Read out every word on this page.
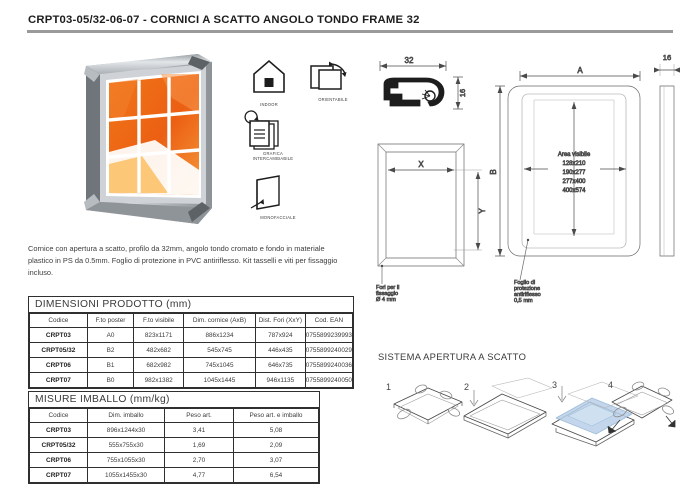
CRPT03-05/32-06-07 - CORNICI A SCATTO ANGOLO TONDO FRAME 32
INDOOR
ORIENTABILE
GRAFICA
INTERCAMBIABILE
MONOFACCIALE
Cornice con apertura a scatto, profilo da 32mm, angolo tondo cromato e fondo in materiale plastico in PS da 0.5mm. Foglio di protezione in PVC antiriflesso. Kit tasselli e viti per fissaggio incluso.
DIMENSIONI PRODOTTO (mm)
Codice	F.to poster	F.to visibile	Dim. cornice (AxB)	Dist. Fori (XxY)	Cod. EAN
CRPT03	A0	823x1171	886x1234	787x924	0755899239993
CRPT05/32	B2	482x682	545x745	446x435	0755899240029
CRPT06	B1	682x982	745x1045	646x735	0755899240036
CRPT07	B0	982x1382	1045x1445	946x1135	0755899240050
MISURE IMBALLO (mm/kg)
Codice	Dim. imballo	Peso art.	Peso art. e imballo
CRPT03	896x1244x30	3,41	5,08
CRPT05/32	555x755x30	1,69	2,09
CRPT06	755x1055x30	2,70	3,07
CRPT07	1055x1455x30	4,77	6,54
32
16
X
Y
A
B
Area visibile
128x210
190x277
277x400
400x574
16
Fori per il
fissaggio
Ø 4 mm
Foglio di
protezione
antiriflesso
0,5 mm
SISTEMA APERTURA A SCATTO
1	2	3	4
